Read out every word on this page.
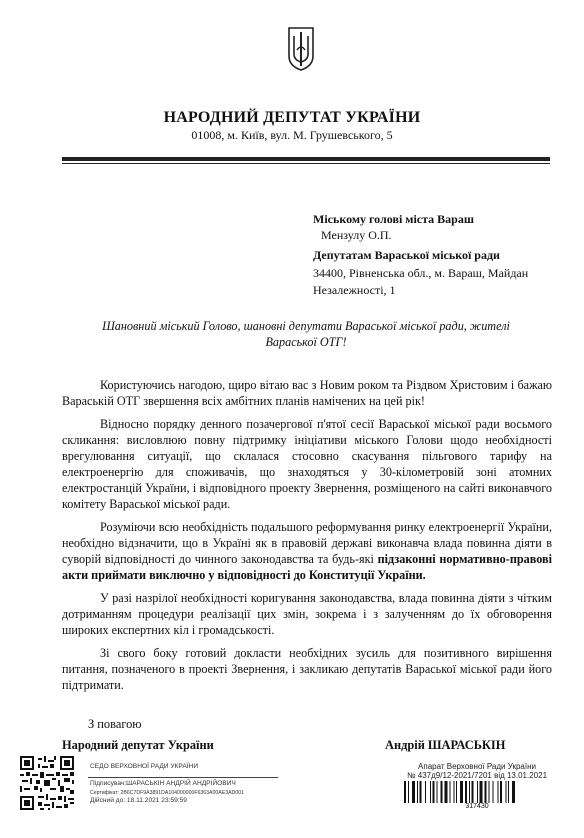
НАРОДНИЙ ДЕПУТАТ УКРАЇНИ
01008, м. Київ, вул. М. Грушевського, 5
Міському голові міста Вараш
Мензулу О.П.
Депутатам Вараської міської ради
34400, Рівненська обл., м. Вараш, Майдан
Незалежності, 1
Шановний міський Голово, шановні депутати Вараської міської ради, жителі
Вараської ОТГ!

Користуючись нагодою, щиро вітаю вас з Новим роком та Різдвом Христовим і бажаю Вараській ОТГ звершення всіх амбітних планів намічених на цей рік!

Відносно порядку денного позачергової п'ятої сесії Вараської міської ради восьмого скликання: висловлюю повну підтримку ініціативи міського Голови щодо необхідності врегулювання ситуації, що склалася стосовно скасування пільгового тарифу на електроенергію для споживачів, що знаходяться у 30-кілометровій зоні атомних електростанцій України, і відповідного проекту Звернення, розміщеного на сайті виконавчого комітету Вараської міської ради.

Розуміючи всю необхідність подальшого реформування ринку електроенергії України, необхідно відзначити, що в Україні як в правовій державі виконавча влада повинна діяти в суворій відповідності до чинного законодавства та будь-які підзаконні нормативно-правові акти приймати виключно у відповідності до Конституції України.

У разі назрілої необхідності коригування законодавства, влада повинна діяти з чітким дотриманням процедури реалізації цих змін, зокрема і з залученням до їх обговорення широких експертних кіл і громадськості.

Зі свого боку готовий докласти необхідних зусиль для позитивного вирішення питання, позначеного в проекті Звернення, і закликаю депутатів Вараської міської ради його підтримати.

З повагою
Народний депутат України	Андрій ШАРАСЬКІН
СЕДО ВЕРХОВНОЇ РАДИ УКРАЇНИ
Підписувач:ШАРАСЬКІН АНДРІЙ АНДРІЙОВИЧ
Сертифікат: 2B6C7DF9A3891DA104000000F6363A00AE3AD001
Дійсний до: 18.11.2021 23:59:59
Апарат Верховної Ради України
№ 437д9/12-2021/7201 від 13.01.2021
317430
